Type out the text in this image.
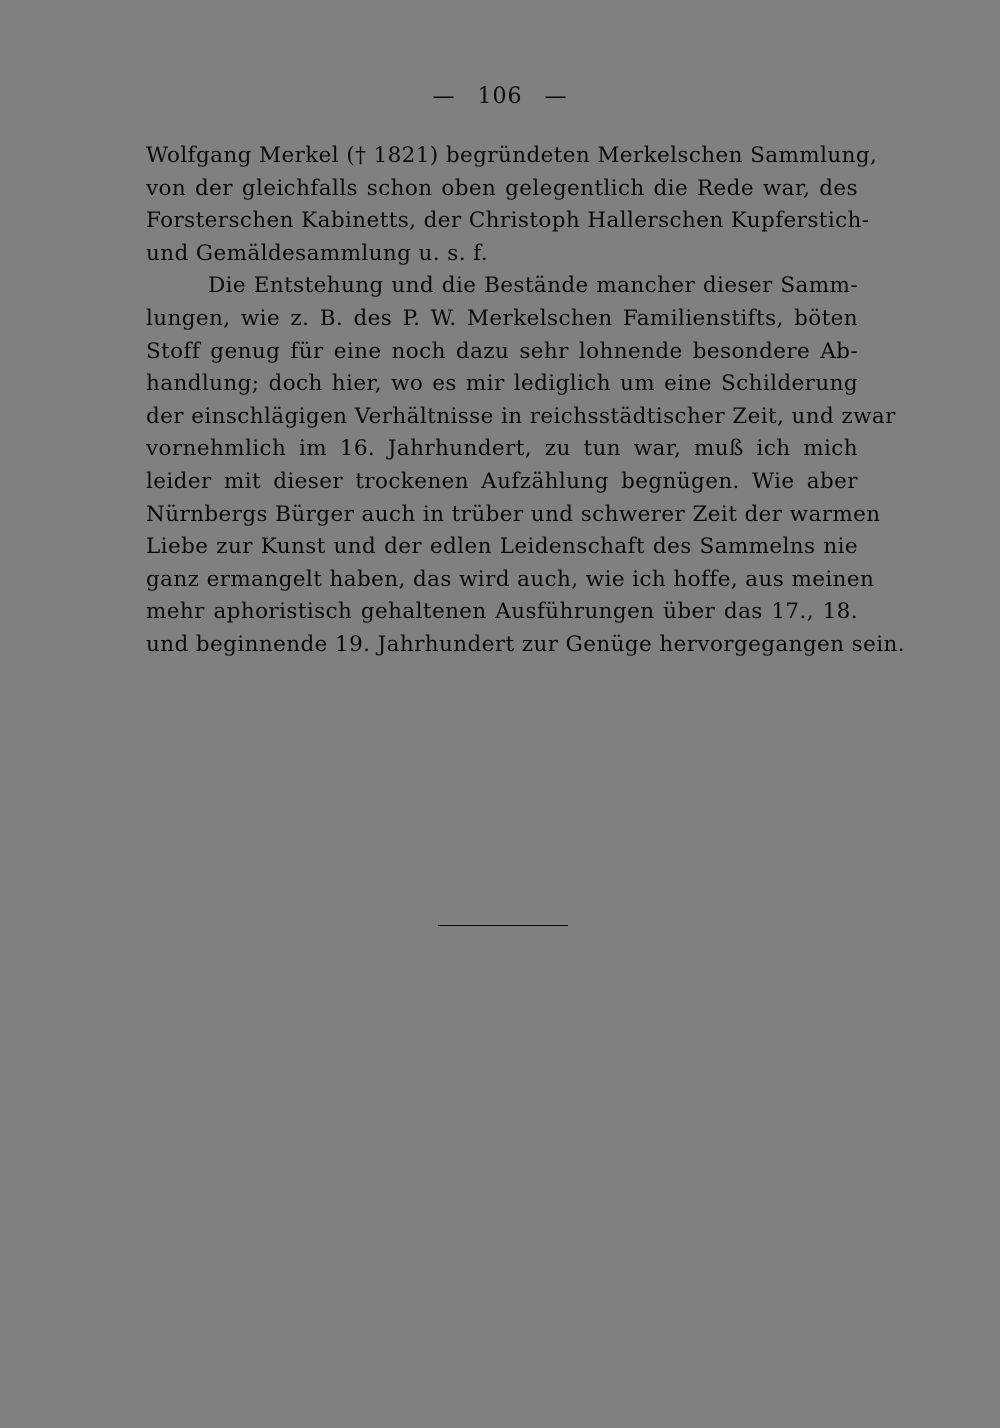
— 106 —
Wolfgang Merkel († 1821) begründeten Merkelschen Sammlung,
von der gleichfalls schon oben gelegentlich die Rede war, des
Forsterschen Kabinetts, der Christoph Hallerschen Kupferstich-
und Gemäldesammlung u. s. f.
Die Entstehung und die Bestände mancher dieser Samm-
lungen, wie z. B. des P. W. Merkelschen Familienstifts, böten
Stoff genug für eine noch dazu sehr lohnende besondere Ab-
handlung; doch hier, wo es mir lediglich um eine Schilderung
der einschlägigen Verhältnisse in reichsstädtischer Zeit, und zwar
vornehmlich im 16. Jahrhundert, zu tun war, muß ich mich
leider mit dieser trockenen Aufzählung begnügen. Wie aber
Nürnbergs Bürger auch in trüber und schwerer Zeit der warmen
Liebe zur Kunst und der edlen Leidenschaft des Sammelns nie
ganz ermangelt haben, das wird auch, wie ich hoffe, aus meinen
mehr aphoristisch gehaltenen Ausführungen über das 17., 18.
und beginnende 19. Jahrhundert zur Genüge hervorgegangen sein.
